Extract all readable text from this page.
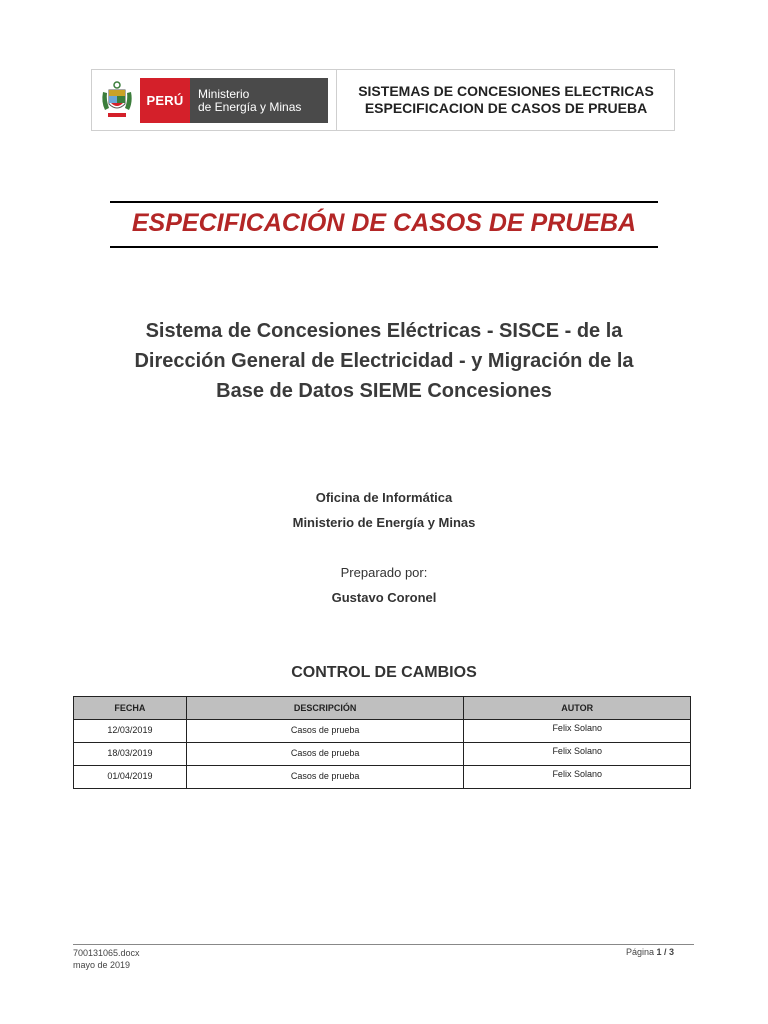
PERÚ	Ministerio
de Energía y Minas
SISTEMAS DE CONCESIONES ELECTRICAS
ESPECIFICACION DE CASOS DE PRUEBA
ESPECIFICACIÓN DE CASOS DE PRUEBA
Sistema de Concesiones Eléctricas - SISCE - de la
Dirección General de Electricidad - y Migración de la
Base de Datos SIEME Concesiones
Oficina de Informática
Ministerio de Energía y Minas
Preparado por:
Gustavo Coronel
CONTROL DE CAMBIOS
FECHA	DESCRIPCIÓN	AUTOR
12/03/2019	Casos de prueba	Felix Solano
18/03/2019	Casos de prueba	Felix Solano
01/04/2019	Casos de prueba	Felix Solano
700131065.docx
mayo de 2019
Página 1 / 3
